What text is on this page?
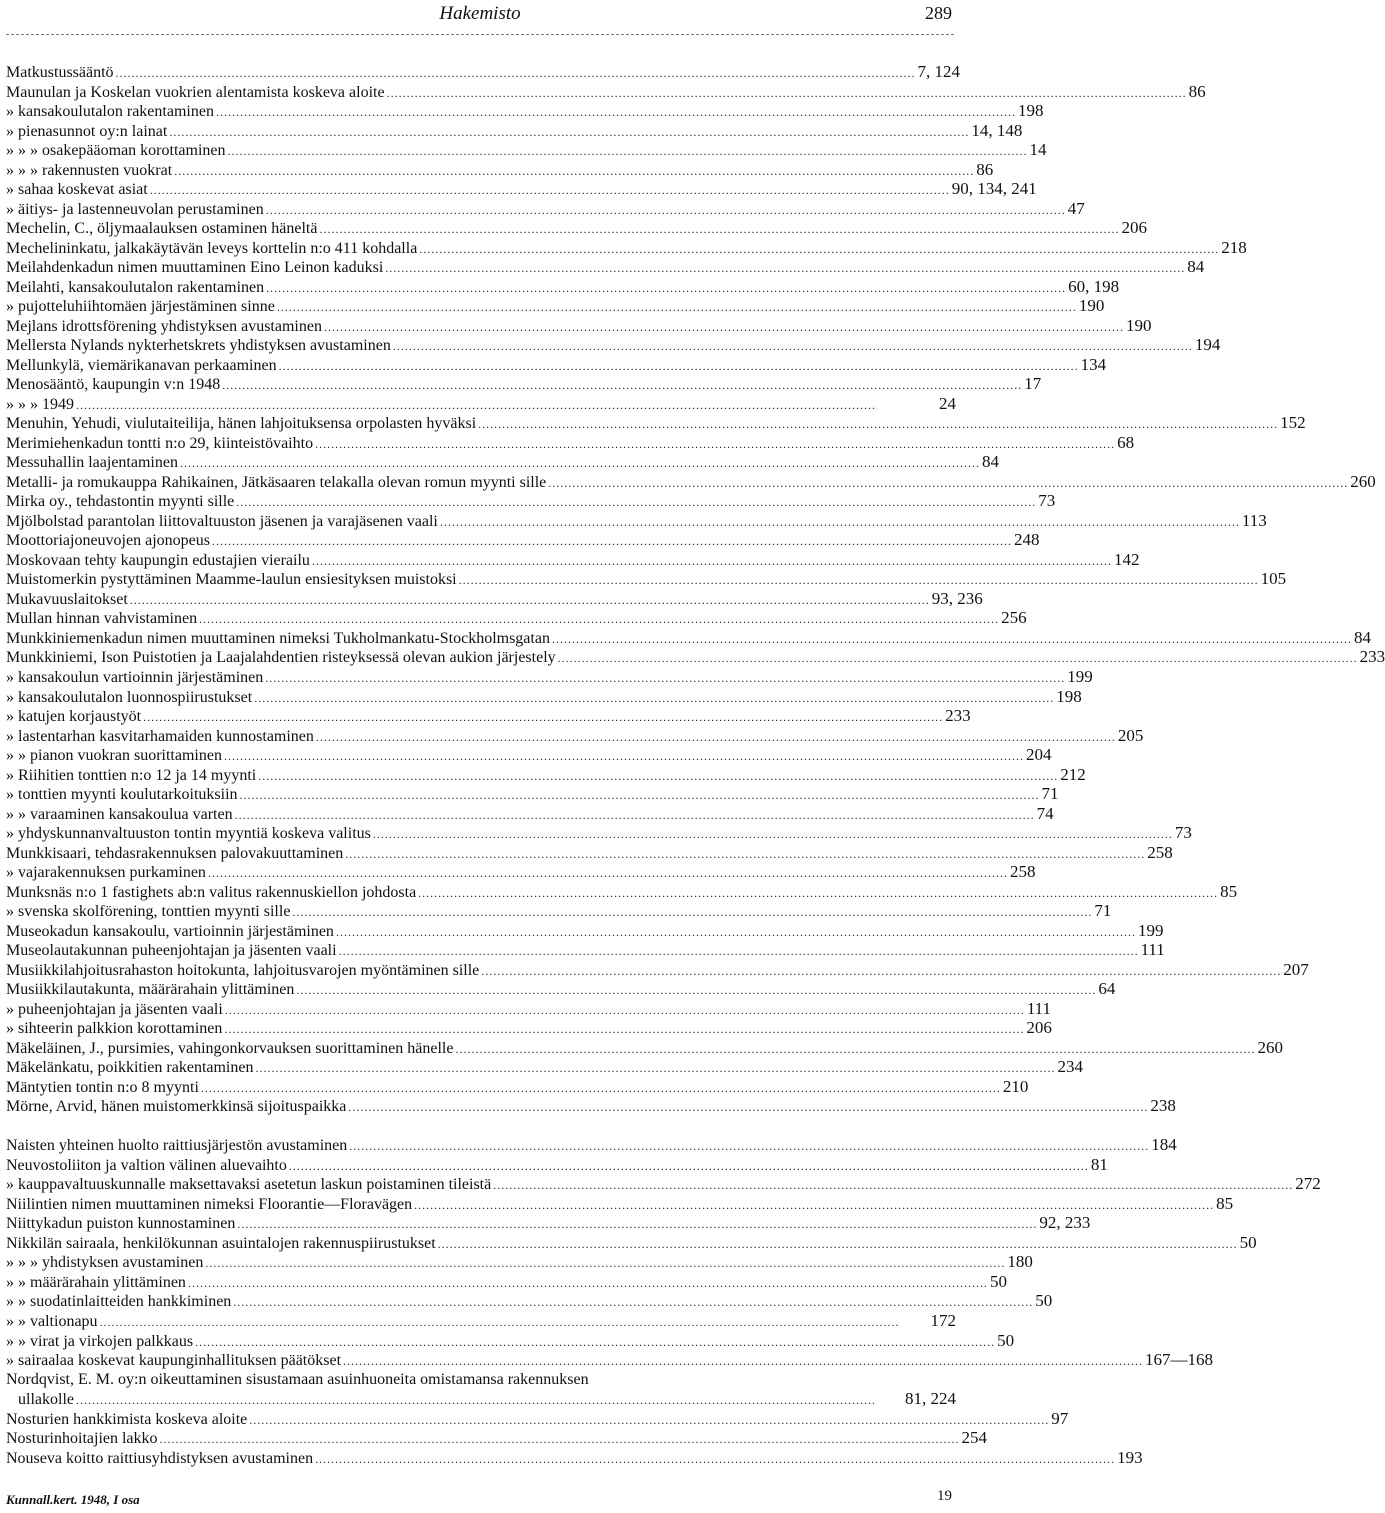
Hakemisto	289
Matkustussääntö ........................................................................................................................................................................................................ 7, 124
Maunulan ja Koskelan vuokrien alentamista koskeva aloite ........................................................................................................................................................................................................ 86
» kansakoulutalon rakentaminen ........................................................................................................................................................................................................ 198
» pienasunnot oy:n lainat ........................................................................................................................................................................................................ 14, 148
» » » osakepääoman korottaminen ........................................................................................................................................................................................................ 14
» » » rakennusten vuokrat ........................................................................................................................................................................................................ 86
» sahaa koskevat asiat ........................................................................................................................................................................................................ 90, 134, 241
» äitiys- ja lastenneuvolan perustaminen ........................................................................................................................................................................................................ 47
Mechelin, C., öljymaalauksen ostaminen häneltä ........................................................................................................................................................................................................ 206
Mechelininkatu, jalkakäytävän leveys korttelin n:o 411 kohdalla ........................................................................................................................................................................................................ 218
Meilahdenkadun nimen muuttaminen Eino Leinon kaduksi ........................................................................................................................................................................................................ 84
Meilahti, kansakoulutalon rakentaminen ........................................................................................................................................................................................................ 60, 198
» pujotteluhiihtomäen järjestäminen sinne ........................................................................................................................................................................................................ 190
Mejlans idrottsförening yhdistyksen avustaminen ........................................................................................................................................................................................................ 190
Mellersta Nylands nykterhetskrets yhdistyksen avustaminen ........................................................................................................................................................................................................ 194
Mellunkylä, viemärikanavan perkaaminen ........................................................................................................................................................................................................ 134
Menosääntö, kaupungin v:n 1948 ........................................................................................................................................................................................................ 17
» » » 1949 ........................................................................................................................................................................................................	24
Menuhin, Yehudi, viulutaiteilija, hänen lahjoituksensa orpolasten hyväksi ........................................................................................................................................................................................................ 152
Merimiehenkadun tontti n:o 29, kiinteistövaihto ........................................................................................................................................................................................................ 68
Messuhallin laajentaminen ........................................................................................................................................................................................................ 84
Metalli- ja romukauppa Rahikainen, Jätkäsaaren telakalla olevan romun myynti sille ........................................................................................................................................................................................................ 260
Mirka oy., tehdastontin myynti sille ........................................................................................................................................................................................................ 73
Mjölbolstad parantolan liittovaltuuston jäsenen ja varajäsenen vaali ........................................................................................................................................................................................................ 113
Moottoriajoneuvojen ajonopeus ........................................................................................................................................................................................................ 248
Moskovaan tehty kaupungin edustajien vierailu ........................................................................................................................................................................................................ 142
Muistomerkin pystyttäminen Maamme-laulun ensiesityksen muistoksi ........................................................................................................................................................................................................ 105
Mukavuuslaitokset ........................................................................................................................................................................................................ 93, 236
Mullan hinnan vahvistaminen ........................................................................................................................................................................................................ 256
Munkkiniemenkadun nimen muuttaminen nimeksi Tukholmankatu-Stockholmsgatan ........................................................................................................................................................................................................ 84
Munkkiniemi, Ison Puistotien ja Laajalahdentien risteyksessä olevan aukion järjestely ........................................................................................................................................................................................................ 233
» kansakoulun vartioinnin järjestäminen ........................................................................................................................................................................................................ 199
» kansakoulutalon luonnospiirustukset ........................................................................................................................................................................................................ 198
» katujen korjaustyöt ........................................................................................................................................................................................................ 233
» lastentarhan kasvitarhamaiden kunnostaminen ........................................................................................................................................................................................................ 205
» » pianon vuokran suorittaminen ........................................................................................................................................................................................................ 204
» Riihitien tonttien n:o 12 ja 14 myynti ........................................................................................................................................................................................................ 212
» tonttien myynti koulutarkoituksiin ........................................................................................................................................................................................................ 71
» » varaaminen kansakoulua varten ........................................................................................................................................................................................................ 74
» yhdyskunnanvaltuuston tontin myyntiä koskeva valitus ........................................................................................................................................................................................................ 73
Munkkisaari, tehdasrakennuksen palovakuuttaminen ........................................................................................................................................................................................................ 258
» vajarakennuksen purkaminen ........................................................................................................................................................................................................ 258
Munksnäs n:o 1 fastighets ab:n valitus rakennuskiellon johdosta ........................................................................................................................................................................................................ 85
» svenska skolförening, tonttien myynti sille ........................................................................................................................................................................................................ 71
Museokadun kansakoulu, vartioinnin järjestäminen ........................................................................................................................................................................................................ 199
Museolautakunnan puheenjohtajan ja jäsenten vaali ........................................................................................................................................................................................................ 111
Musiikkilahjoitusrahaston hoitokunta, lahjoitusvarojen myöntäminen sille ........................................................................................................................................................................................................ 207
Musiikkilautakunta, määrärahain ylittäminen ........................................................................................................................................................................................................ 64
» puheenjohtajan ja jäsenten vaali ........................................................................................................................................................................................................ 111
» sihteerin palkkion korottaminen ........................................................................................................................................................................................................ 206
Mäkeläinen, J., pursimies, vahingonkorvauksen suorittaminen hänelle ........................................................................................................................................................................................................ 260
Mäkelänkatu, poikkitien rakentaminen ........................................................................................................................................................................................................ 234
Mäntytien tontin n:o 8 myynti ........................................................................................................................................................................................................ 210
Mörne, Arvid, hänen muistomerkkinsä sijoituspaikka ........................................................................................................................................................................................................ 238
Naisten yhteinen huolto raittiusjärjestön avustaminen ........................................................................................................................................................................................................ 184
Neuvostoliiton ja valtion välinen aluevaihto ........................................................................................................................................................................................................ 81
» kauppavaltuuskunnalle maksettavaksi asetetun laskun poistaminen tileistä ........................................................................................................................................................................................................ 272
Niilintien nimen muuttaminen nimeksi Floorantie—Floravägen ........................................................................................................................................................................................................ 85
Niittykadun puiston kunnostaminen ........................................................................................................................................................................................................ 92, 233
Nikkilän sairaala, henkilökunnan asuintalojen rakennuspiirustukset ........................................................................................................................................................................................................ 50
» » » yhdistyksen avustaminen ........................................................................................................................................................................................................ 180
» » määrärahain ylittäminen ........................................................................................................................................................................................................ 50
» » suodatinlaitteiden hankkiminen ........................................................................................................................................................................................................ 50
» » valtionapu ........................................................................................................................................................................................................	172
» » virat ja virkojen palkkaus ........................................................................................................................................................................................................ 50
» sairaalaa koskevat kaupunginhallituksen päätökset ........................................................................................................................................................................................................ 167—168
Nordqvist, E. M. oy:n oikeuttaminen sisustamaan asuinhuoneita omistamansa rakennuksen
ullakolle ........................................................................................................................................................................................................	81, 224
Nosturien hankkimista koskeva aloite ........................................................................................................................................................................................................ 97
Nosturinhoitajien lakko ........................................................................................................................................................................................................ 254
Nouseva koitto raittiusyhdistyksen avustaminen ........................................................................................................................................................................................................ 193
Kunnall.kert. 1948, I osa	19
